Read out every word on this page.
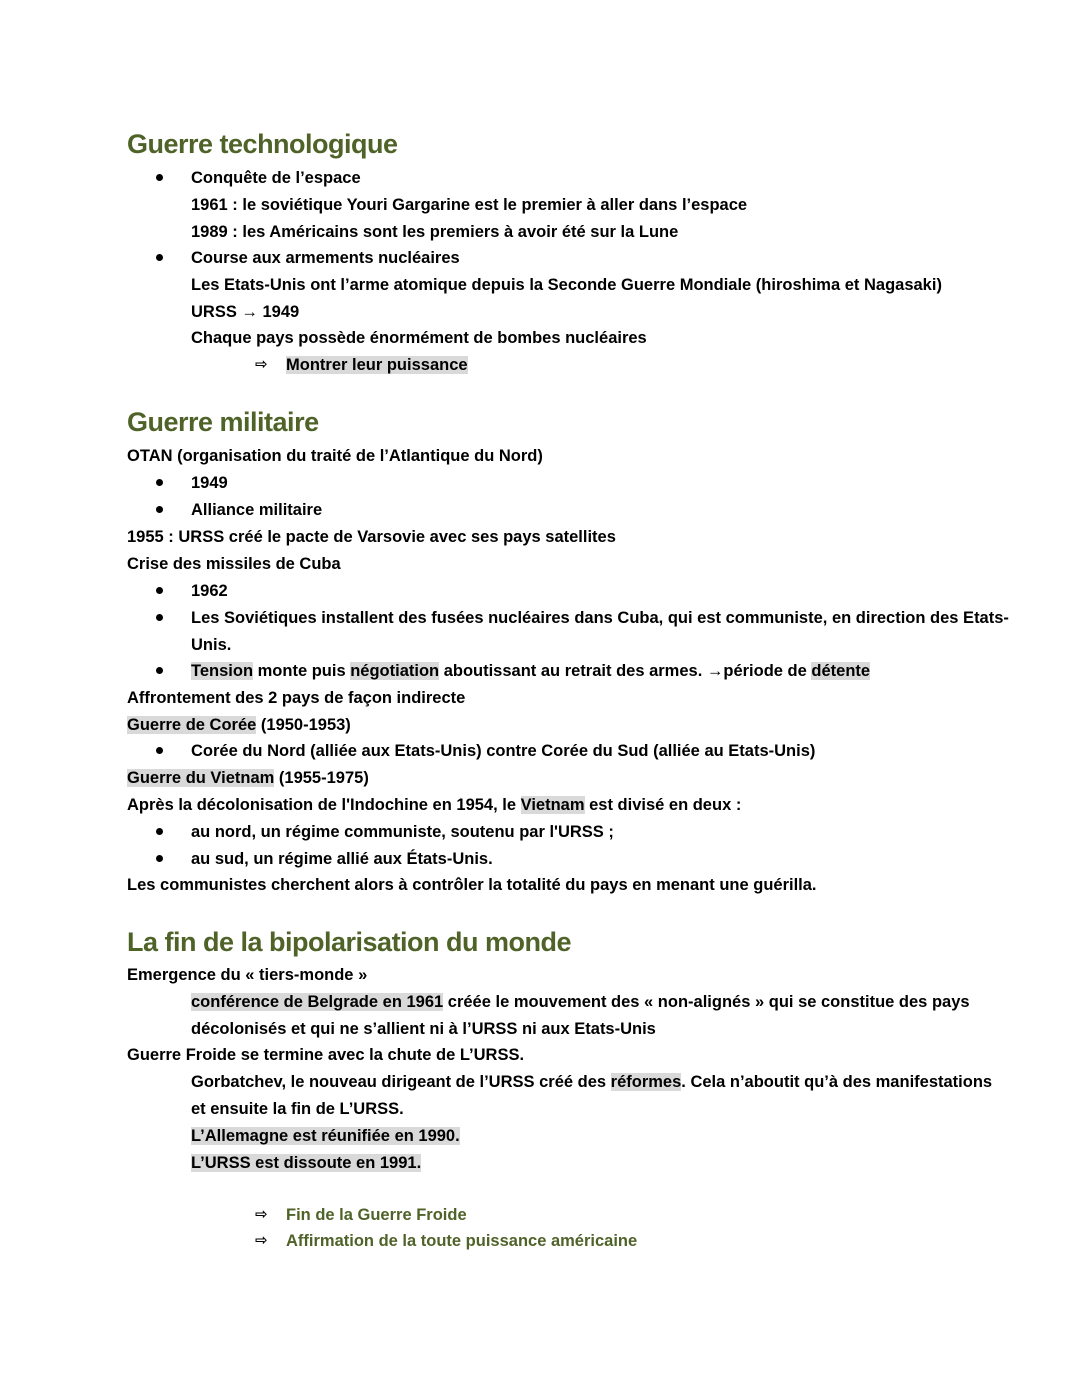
Guerre technologique
Conquête de l’espace
1961 : le soviétique Youri Gargarine est le premier à aller dans l’espace
1989 : les Américains sont les premiers à avoir été sur la Lune
Course aux armements nucléaires
Les Etats-Unis ont l’arme atomique depuis la Seconde Guerre Mondiale (hiroshima et Nagasaki)
URSS → 1949
Chaque pays possède énormément de bombes nucléaires
⇨ Montrer leur puissance
Guerre militaire
OTAN (organisation du traité de l’Atlantique du Nord)
1949
Alliance militaire
1955 : URSS créé le pacte de Varsovie avec ses pays satellites
Crise des missiles de Cuba
1962
Les Soviétiques installent des fusées nucléaires dans Cuba, qui est communiste, en direction des Etats-
Unis.
Tension monte puis négotiation aboutissant au retrait des armes. →période de détente
Affrontement des 2 pays de façon indirecte
Guerre de Corée (1950-1953)
Corée du Nord (alliée aux Etats-Unis) contre Corée du Sud (alliée au Etats-Unis)
Guerre du Vietnam (1955-1975)
Après la décolonisation de l'Indochine en 1954, le Vietnam est divisé en deux :
au nord, un régime communiste, soutenu par l'URSS ;
au sud, un régime allié aux États-Unis.
Les communistes cherchent alors à contrôler la totalité du pays en menant une guérilla.
La fin de la bipolarisation du monde
Emergence du « tiers-monde »
conférence de Belgrade en 1961 créée le mouvement des « non-alignés » qui se constitue des pays
décolonisés et qui ne s’allient ni à l’URSS ni aux Etats-Unis
Guerre Froide se termine avec la chute de L’URSS.
Gorbatchev, le nouveau dirigeant de l’URSS créé des réformes. Cela n’aboutit qu’à des manifestations
et ensuite la fin de L’URSS.
L’Allemagne est réunifiée en 1990.
L’URSS est dissoute en 1991.
⇨ Fin de la Guerre Froide
⇨ Affirmation de la toute puissance américaine
